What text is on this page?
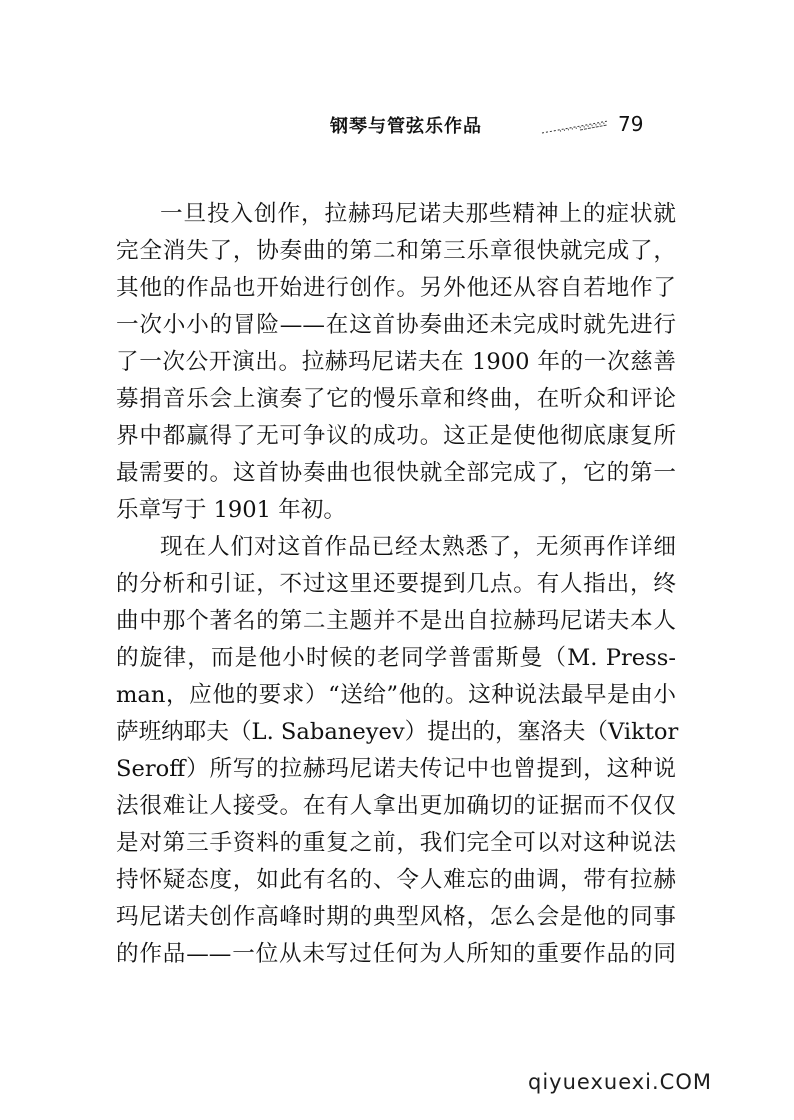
钢琴与管弦乐作品	79
一旦投入创作，拉赫玛尼诺夫那些精神上的症状就
完全消失了，协奏曲的第二和第三乐章很快就完成了，
其他的作品也开始进行创作。另外他还从容自若地作了
一次小小的冒险——在这首协奏曲还未完成时就先进行
了一次公开演出。拉赫玛尼诺夫在 1900 年的一次慈善
募捐音乐会上演奏了它的慢乐章和终曲，在听众和评论
界中都赢得了无可争议的成功。这正是使他彻底康复所
最需要的。这首协奏曲也很快就全部完成了，它的第一
乐章写于 1901 年初。
现在人们对这首作品已经太熟悉了，无须再作详细
的分析和引证，不过这里还要提到几点。有人指出，终
曲中那个著名的第二主题并不是出自拉赫玛尼诺夫本人
的旋律，而是他小时候的老同学普雷斯曼（M. Press-
man，应他的要求）“送给”他的。这种说法最早是由小
萨班纳耶夫（L. Sabaneyev）提出的，塞洛夫（Viktor
Seroff）所写的拉赫玛尼诺夫传记中也曾提到，这种说
法很难让人接受。在有人拿出更加确切的证据而不仅仅
是对第三手资料的重复之前，我们完全可以对这种说法
持怀疑态度，如此有名的、令人难忘的曲调，带有拉赫
玛尼诺夫创作高峰时期的典型风格，怎么会是他的同事
的作品——一位从未写过任何为人所知的重要作品的同
qiyuexuexi.COM
